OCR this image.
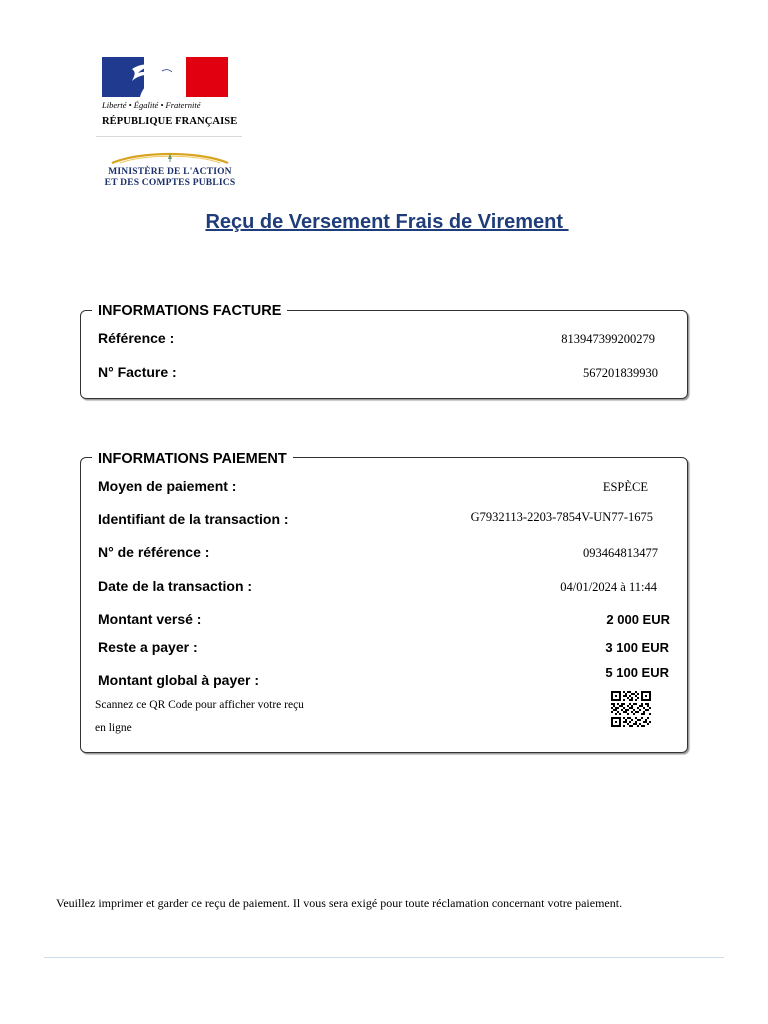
Liberté • Égalité • Fraternité
RÉPUBLIQUE FRANÇAISE
MINISTÈRE DE L'ACTION
ET DES COMPTES PUBLICS
Reçu de Versement Frais de Virement
INFORMATIONS FACTURE
Référence :	813947399200279
N° Facture :	567201839930
INFORMATIONS PAIEMENT
Moyen de paiement :	ESPÈCE
Identifiant de la transaction :	G7932113-2203-7854V-UN77-1675
N° de référence :	093464813477
Date de la transaction :	04/01/2024 à 11:44
Montant versé :	2 000 EUR
Reste a payer :	3 100 EUR
Montant global à payer :	5 100 EUR
Scannez ce QR Code pour afficher votre reçu
en ligne
Veuillez imprimer et garder ce reçu de paiement. Il vous sera exigé pour toute réclamation concernant votre paiement.
